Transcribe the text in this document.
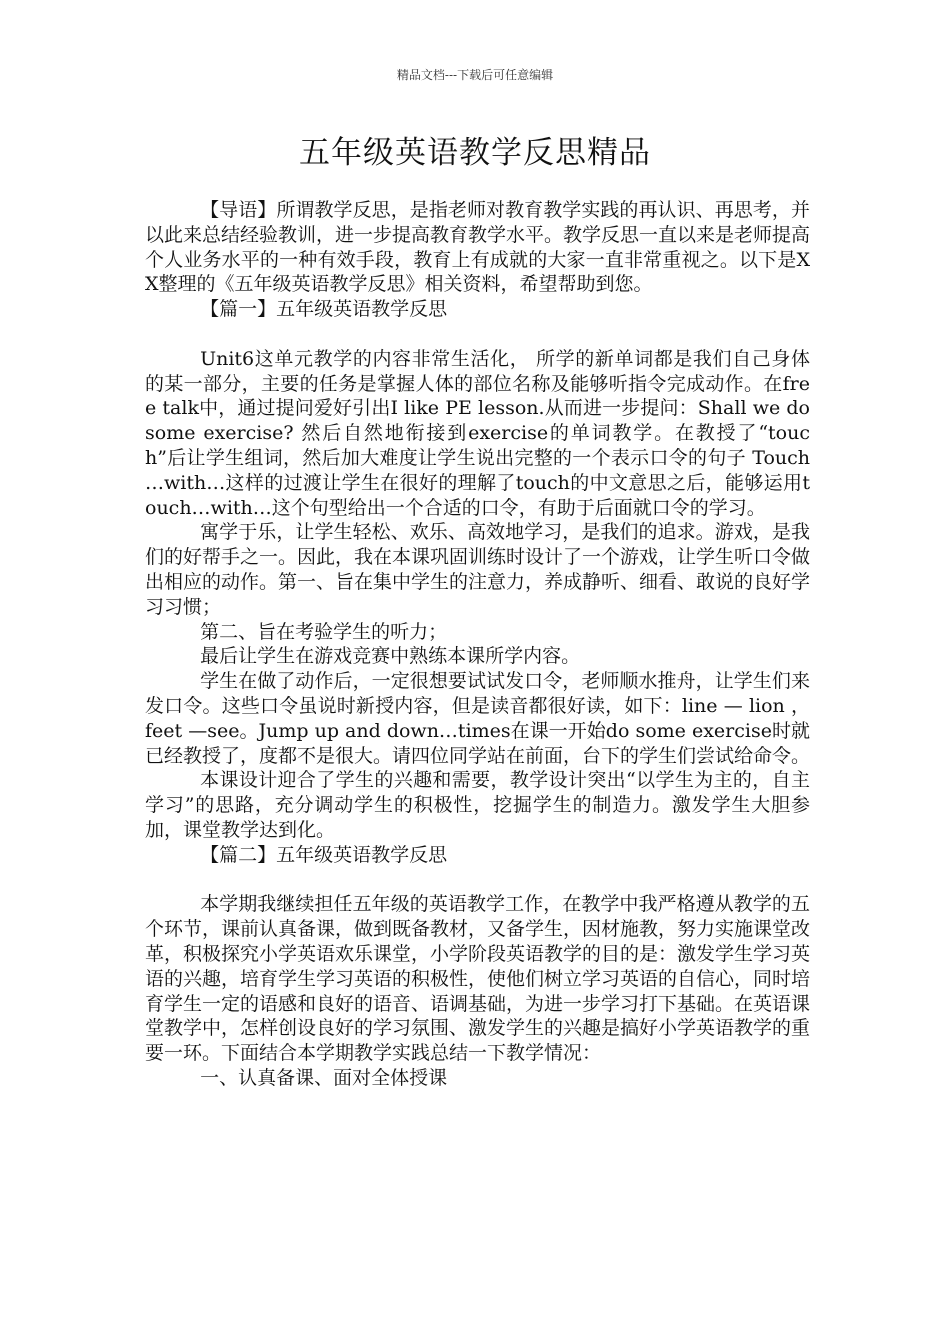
精品文档---下载后可任意编辑
五年级英语教学反思精品

【导语】所谓教学反思，是指老师对教育教学实践的再认识、再思考，并以此来总结经验教训，进一步提高教育教学水平。教学反思一直以来是老师提高个人业务水平的一种有效手段，教育上有成就的大家一直非常重视之。以下是XX整理的《五年级英语教学反思》相关资料，希望帮助到您。

【篇一】五年级英语教学反思

Unit6这单元教学的内容非常生活化， 所学的新单词都是我们自己身体的某一部分，主要的任务是掌握人体的部位名称及能够听指令完成动作。在free talk中，通过提问爱好引出I like PE lesson.从而进一步提问：Shall we do some exercise? 然后自然地衔接到exercise的单词教学。在教授了“touch”后让学生组词，然后加大难度让学生说出完整的一个表示口令的句子 Touch …with…这样的过渡让学生在很好的理解了touch的中文意思之后，能够运用touch…with…这个句型给出一个合适的口令，有助于后面就口令的学习。

寓学于乐，让学生轻松、欢乐、高效地学习，是我们的追求。游戏，是我们的好帮手之一。因此，我在本课巩固训练时设计了一个游戏，让学生听口令做出相应的动作。第一、旨在集中学生的注意力，养成静听、细看、敢说的良好学习习惯；

第二、旨在考验学生的听力；

最后让学生在游戏竞赛中熟练本课所学内容。

学生在做了动作后，一定很想要试试发口令，老师顺水推舟，让学生们来发口令。这些口令虽说时新授内容，但是读音都很好读，如下：line — lion ，feet —see。Jump up and down…times在课一开始do some exercise时就已经教授了，度都不是很大。请四位同学站在前面，台下的学生们尝试给命令。

本课设计迎合了学生的兴趣和需要，教学设计突出“以学生为主的，自主学习”的思路，充分调动学生的积极性，挖掘学生的制造力。激发学生大胆参加，课堂教学达到化。

【篇二】五年级英语教学反思

本学期我继续担任五年级的英语教学工作，在教学中我严格遵从教学的五个环节，课前认真备课，做到既备教材，又备学生，因材施教，努力实施课堂改革，积极探究小学英语欢乐课堂，小学阶段英语教学的目的是：激发学生学习英语的兴趣，培育学生学习英语的积极性，使他们树立学习英语的自信心，同时培育学生一定的语感和良好的语音、语调基础，为进一步学习打下基础。在英语课堂教学中，怎样创设良好的学习氛围、激发学生的兴趣是搞好小学英语教学的重要一环。下面结合本学期教学实践总结一下教学情况：

一、认真备课、面对全体授课
